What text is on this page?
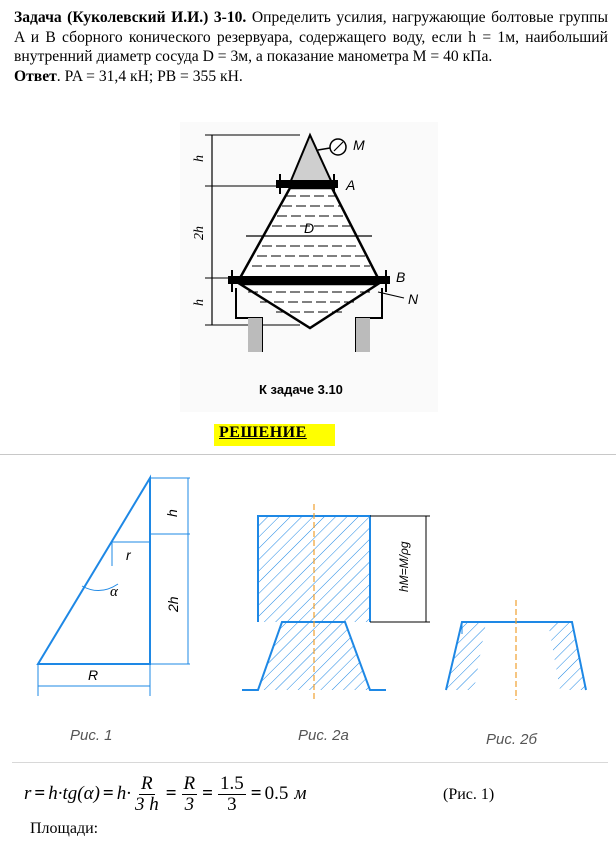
Задача (Куколевский И.И.) 3-10. Определить усилия, нагружающие болтовые группы A и B сборного конического резервуара, содержащего воду, если h = 1м, наибольший внутренний диаметр сосуда D = 3м, а показание манометра M = 40 кПа.
Ответ. PA = 31,4 кН; PB = 355 кН.
h
2h
h
A
M
D
B
N
К задаче 3.10
РЕШЕНИЕ
h
2h
r
α
R
Рис. 1
hM=M/ρg
Рис. 2а	Рис. 2б
$r = h\cdot tg(\alpha) = h\cdot \frac{R}{3 h} = \frac{R}{3} = \frac{1.5}{3} = 0.5$ м	(Рис. 1)
Площади:
